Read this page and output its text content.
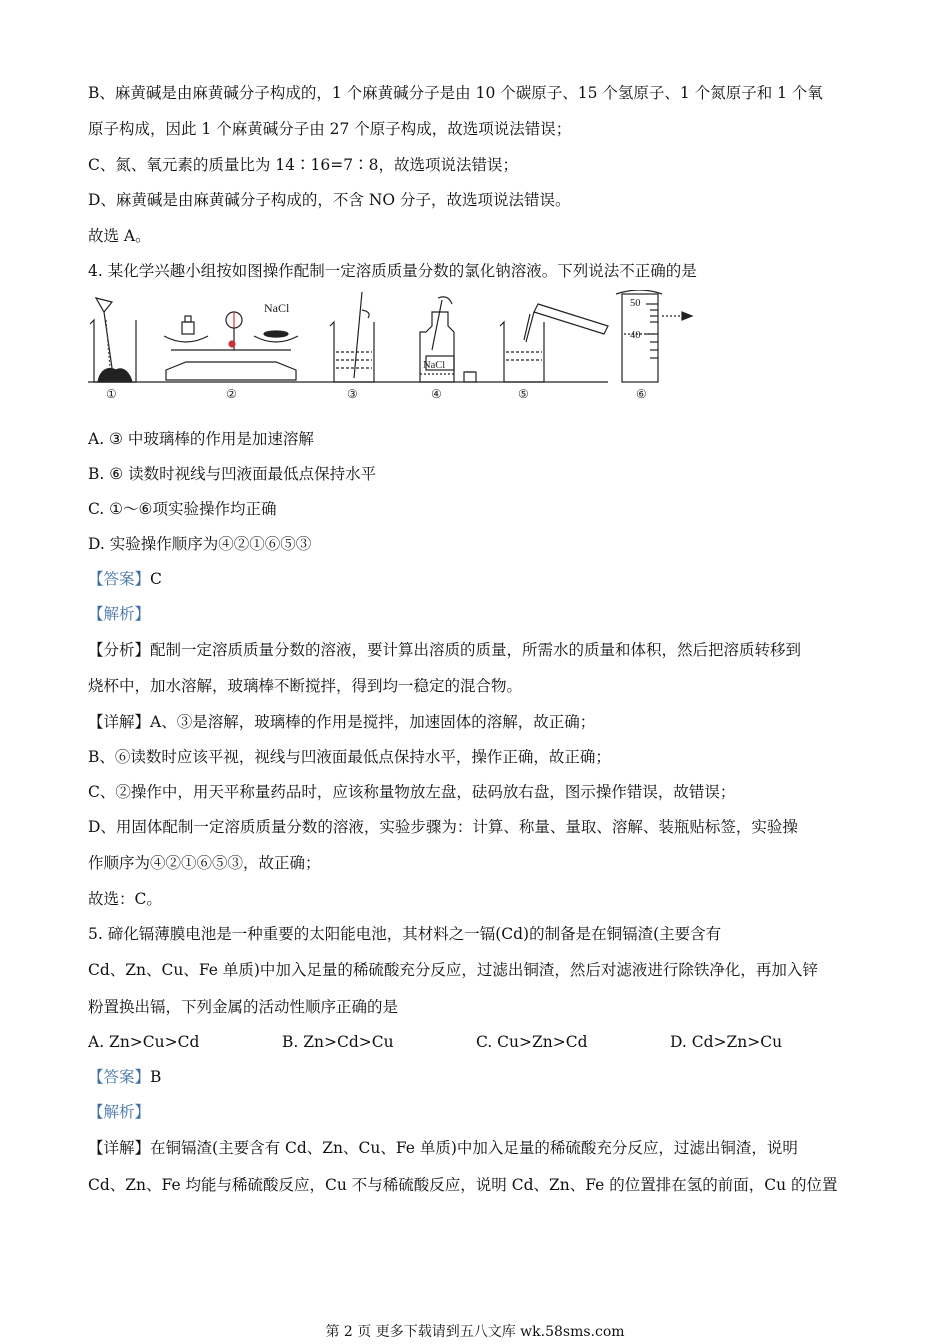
B、麻黄碱是由麻黄碱分子构成的，1 个麻黄碱分子是由 10 个碳原子、15 个氢原子、1 个氮原子和 1 个氧
原子构成，因此 1 个麻黄碱分子由 27 个原子构成，故选项说法错误；
C、氮、氧元素的质量比为 14∶16=7∶8，故选项说法错误；
D、麻黄碱是由麻黄碱分子构成的，不含 NO 分子，故选项说法错误。
故选 A。
4. 某化学兴趣小组按如图操作配制一定溶质质量分数的氯化钠溶液。下列说法不正确的是
NaCl
NaCl
50
40
①	②	③	④	⑤	⑥
A. ③ 中玻璃棒的作用是加速溶解
B. ⑥ 读数时视线与凹液面最低点保持水平
C. ①～⑥项实验操作均正确
D. 实验操作顺序为④②①⑥⑤③
【答案】C
【解析】
【分析】配制一定溶质质量分数的溶液，要计算出溶质的质量，所需水的质量和体积，然后把溶质转移到
烧杯中，加水溶解，玻璃棒不断搅拌，得到均一稳定的混合物。
【详解】A、③是溶解，玻璃棒的作用是搅拌，加速固体的溶解，故正确；
B、⑥读数时应该平视，视线与凹液面最低点保持水平，操作正确，故正确；
C、②操作中，用天平称量药品时，应该称量物放左盘，砝码放右盘，图示操作错误，故错误；
D、用固体配制一定溶质质量分数的溶液，实验步骤为：计算、称量、量取、溶解、装瓶贴标签，实验操
作顺序为④②①⑥⑤③，故正确；
故选：C。
5. 碲化镉薄膜电池是一种重要的太阳能电池，其材料之一镉(Cd)的制备是在铜镉渣(主要含有
Cd、Zn、Cu、Fe 单质)中加入足量的稀硫酸充分反应，过滤出铜渣，然后对滤液进行除铁净化，再加入锌
粉置换出镉，下列金属的活动性顺序正确的是
A. Zn>Cu>Cd	B. Zn>Cd>Cu	C. Cu>Zn>Cd	D. Cd>Zn>Cu
【答案】B
【解析】
【详解】在铜镉渣(主要含有 Cd、Zn、Cu、Fe 单质)中加入足量的稀硫酸充分反应，过滤出铜渣，说明
Cd、Zn、Fe 均能与稀硫酸反应，Cu 不与稀硫酸反应，说明 Cd、Zn、Fe 的位置排在氢的前面，Cu 的位置
第 2 页 更多下载请到五八文库 wk.58sms.com
